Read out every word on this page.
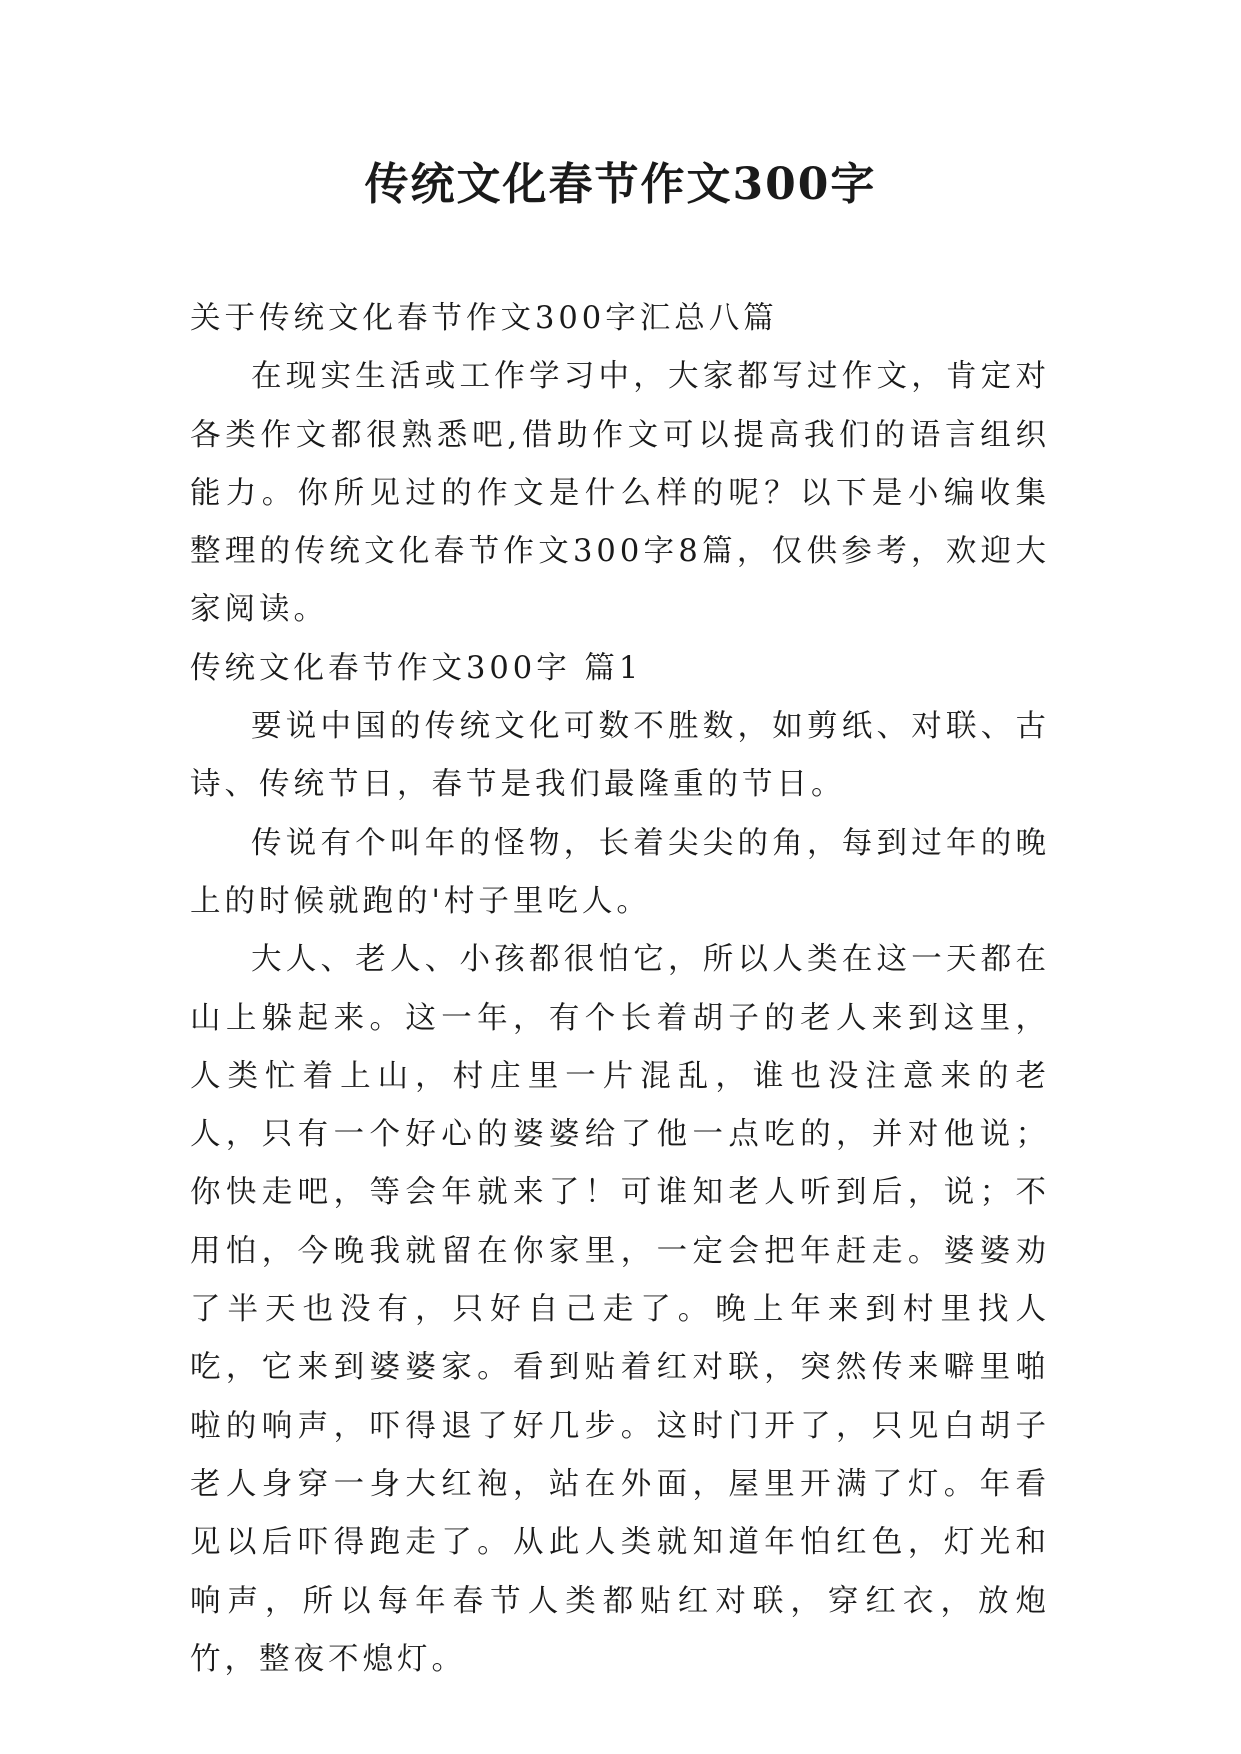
传统文化春节作文300字

关于传统文化春节作文300字汇总八篇

在现实生活或工作学习中，大家都写过作文，肯定对各类作文都很熟悉吧,借助作文可以提高我们的语言组织能力。你所见过的作文是什么样的呢？以下是小编收集整理的传统文化春节作文300字8篇，仅供参考，欢迎大家阅读。

传统文化春节作文300字 篇1

要说中国的传统文化可数不胜数，如剪纸、对联、古诗、传统节日，春节是我们最隆重的节日。

传说有个叫年的怪物，长着尖尖的角，每到过年的晚上的时候就跑的'村子里吃人。

大人、老人、小孩都很怕它，所以人类在这一天都在山上躲起来。这一年，有个长着胡子的老人来到这里，人类忙着上山，村庄里一片混乱，谁也没注意来的老人，只有一个好心的婆婆给了他一点吃的，并对他说；你快走吧，等会年就来了！可谁知老人听到后，说；不用怕，今晚我就留在你家里，一定会把年赶走。婆婆劝了半天也没有，只好自己走了。晚上年来到村里找人吃，它来到婆婆家。看到贴着红对联，突然传来噼里啪啦的响声，吓得退了好几步。这时门开了，只见白胡子老人身穿一身大红袍，站在外面，屋里开满了灯。年看见以后吓得跑走了。从此人类就知道年怕红色，灯光和响声，所以每年春节人类都贴红对联，穿红衣，放炮竹，整夜不熄灯。
